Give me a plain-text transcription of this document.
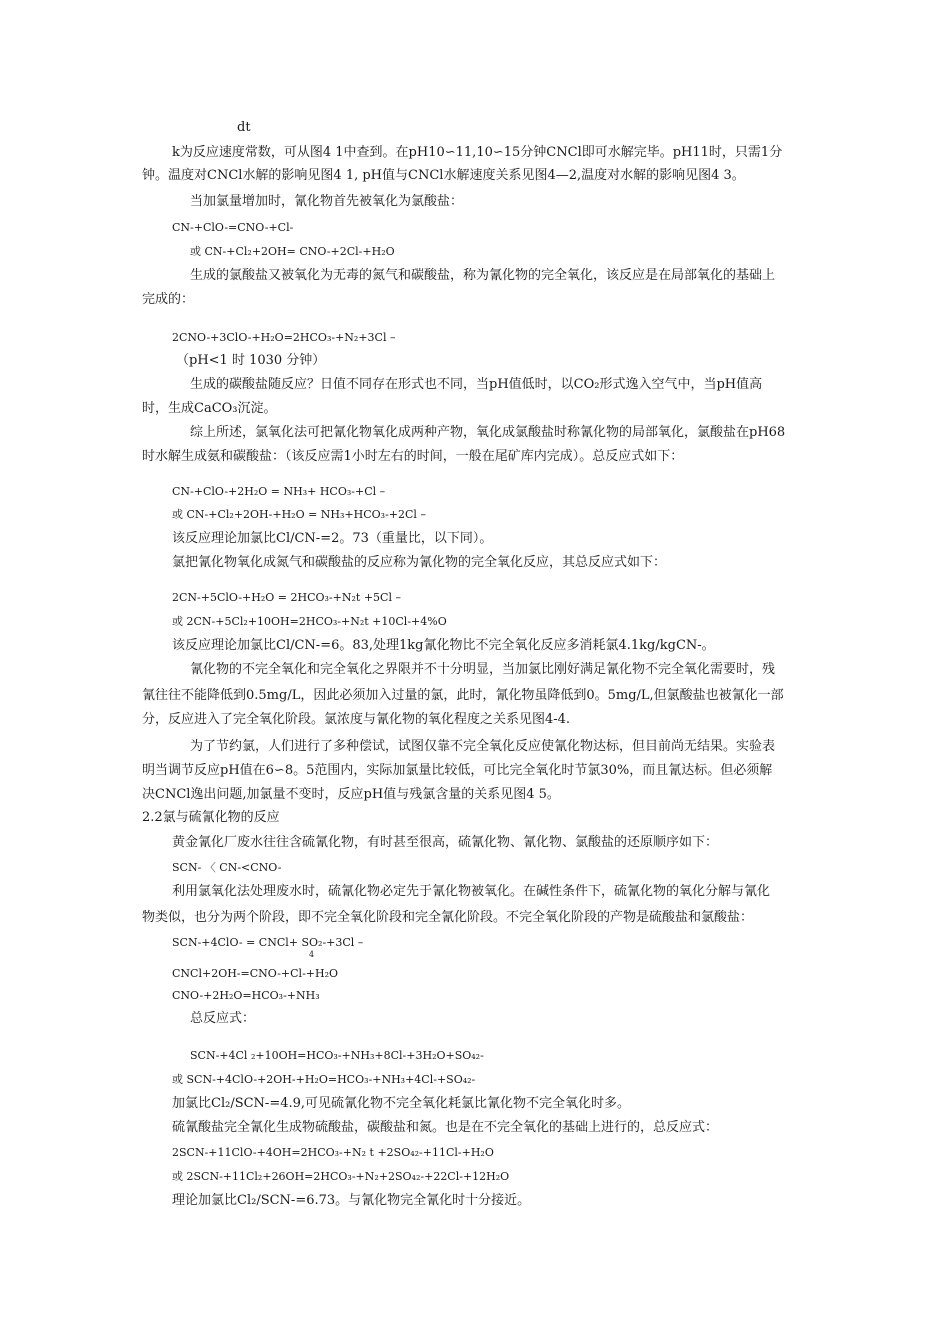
dt
k为反应速度常数，可从图4 1中查到。在pH10∽11,10∽15分钟CNCl即可水解完毕。pH11时，只需1分
钟。温度对CNCl水解的影响见图4 1, pH值与CNCl水解速度关系见图4—2,温度对水解的影响见图4 3。
当加氯量增加时，氰化物首先被氧化为氯酸盐：
CN-+ClO-=CNO-+Cl-
或 CN-+Cl₂+2OH= CNO-+2Cl-+H₂O
生成的氯酸盐又被氧化为无毒的氮气和碳酸盐，称为氰化物的完全氧化，该反应是在局部氧化的基础上
完成的：
2CNO-+3ClO-+H₂O=2HCO₃-+N₂+3Cl –
（pH<1 时 1030 分钟）
生成的碳酸盐随反应？日值不同存在形式也不同，当pH值低时，以CO₂形式逸入空气中，当pH值高
时，生成CaCO₃沉淀。
综上所述，氯氧化法可把氰化物氧化成两种产物，氧化成氯酸盐时称氰化物的局部氧化，氯酸盐在pH68
时水解生成氨和碳酸盐：（该反应需1小时左右的时间，一般在尾矿库内完成）。总反应式如下：
CN-+ClO-+2H₂O = NH₃+ HCO₃-+Cl –
或 CN-+Cl₂+2OH-+H₂O = NH₃+HCO₃-+2Cl –
该反应理论加氯比Cl/CN-=2。73（重量比，以下同）。
氯把氰化物氧化成氮气和碳酸盐的反应称为氰化物的完全氧化反应，其总反应式如下：
2CN-+5ClO-+H₂O = 2HCO₃-+N₂t +5Cl –
或 2CN-+5Cl₂+10OH=2HCO₃-+N₂t +10Cl-+4%O
该反应理论加氯比Cl/CN-=6。83,处理1kg氰化物比不完全氧化反应多消耗氯4.1kg/kgCN-。
氰化物的不完全氧化和完全氧化之界限并不十分明显，当加氯比刚好满足氰化物不完全氧化需要时，残
氰往往不能降低到0.5mg/L，因此必须加入过量的氯，此时，氰化物虽降低到0。5mg/L,但氯酸盐也被氰化一部
分，反应进入了完全氧化阶段。氯浓度与氰化物的氧化程度之关系见图4-4.
为了节约氯，人们进行了多种偿试，试图仅靠不完全氧化反应使氰化物达标，但目前尚无结果。实验表
明当调节反应pH值在6∽8。5范围内，实际加氯量比较低，可比完全氧化时节氯30%，而且氰达标。但必须解
决CNCl逸出问题,加氯量不变时，反应pH值与残氯含量的关系见图4 5。
2.2氯与硫氰化物的反应
黄金氰化厂废水往往含硫氰化物，有时甚至很高，硫氰化物、氰化物、氯酸盐的还原顺序如下：
SCN- 〈 CN-<CNO-
利用氯氧化法处理废水时，硫氰化物必定先于氰化物被氧化。在碱性条件下，硫氰化物的氧化分解与氰化
物类似，也分为两个阶段，即不完全氧化阶段和完全氰化阶段。不完全氧化阶段的产物是硫酸盐和氯酸盐：
SCN-+4ClO- = CNCl+ SO₂-+3Cl –
4
CNCl+2OH-=CNO-+Cl-+H₂O
CNO-+2H₂O=HCO₃-+NH₃
总反应式：
SCN-+4Cl ₂+10OH=HCO₃-+NH₃+8Cl-+3H₂O+SO₄₂-
或 SCN-+4ClO-+2OH-+H₂O=HCO₃-+NH₃+4Cl-+SO₄₂-
加氯比Cl₂/SCN-=4.9,可见硫氰化物不完全氧化耗氯比氰化物不完全氧化时多。
硫氰酸盐完全氰化生成物硫酸盐，碳酸盐和氮。也是在不完全氧化的基础上进行的，总反应式：
2SCN-+11ClO-+4OH=2HCO₃-+N₂ t +2SO₄₂-+11Cl-+H₂O
或 2SCN-+11Cl₂+26OH=2HCO₃-+N₂+2SO₄₂-+22Cl-+12H₂O
理论加氯比Cl₂/SCN-=6.73。与氰化物完全氰化时十分接近。
